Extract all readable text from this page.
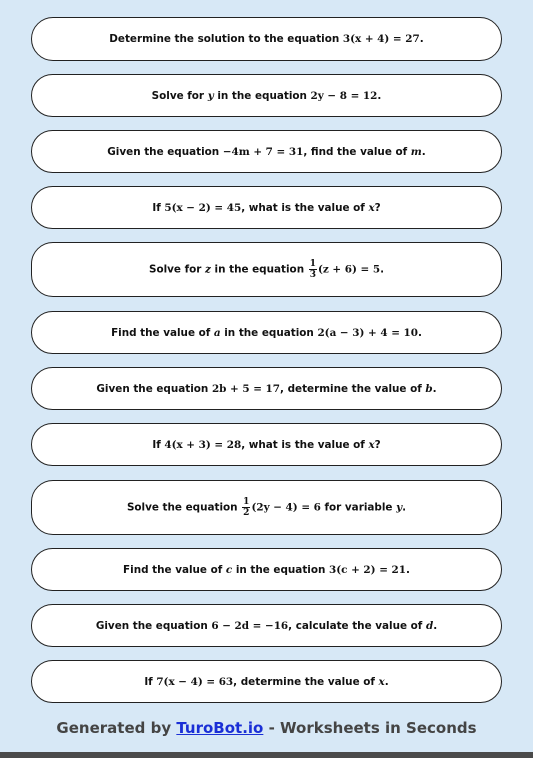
Determine the solution to the equation 3(x + 4) = 27.
Solve for y in the equation 2y − 8 = 12.
Given the equation −4m + 7 = 31, find the value of m.
If 5(x − 2) = 45, what is the value of x?
Solve for z in the equation $\frac{1}{3} (z + 6) = 5$.
Find the value of a in the equation 2(a − 3) + 4 = 10.
Given the equation 2b + 5 = 17, determine the value of b.
If 4(x + 3) = 28, what is the value of x?
Solve the equation $\frac{1}{2} (2y - 4) = 6$ for variable y.
Find the value of c in the equation 3(c + 2) = 21.
Given the equation 6 − 2d = −16, calculate the value of d.
If 7(x − 4) = 63, determine the value of x.
Generated by TuroBot.io - Worksheets in Seconds
